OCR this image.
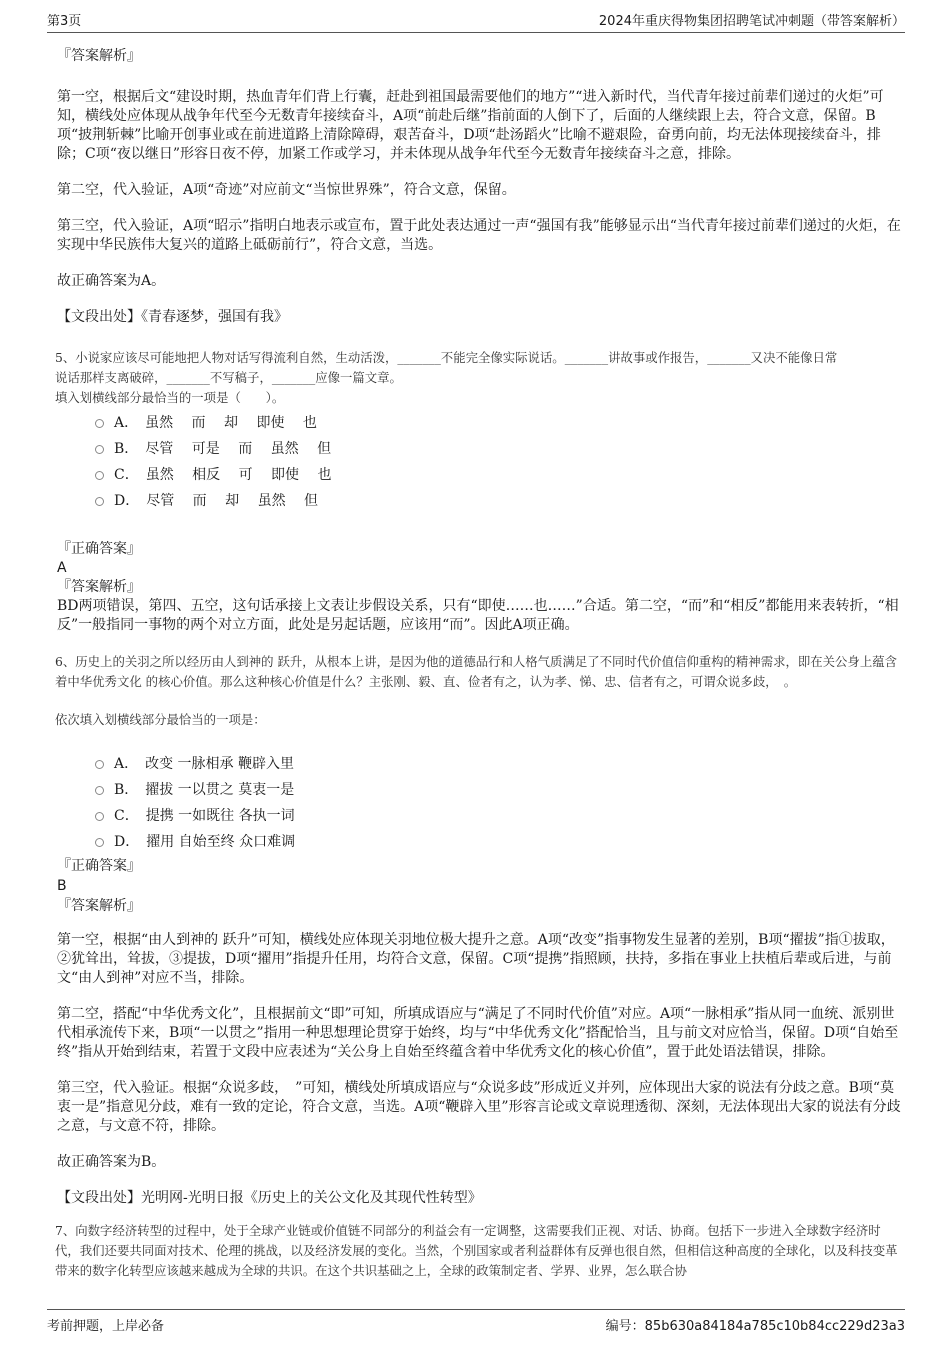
第3页	2024年重庆得物集团招聘笔试冲刺题（带答案解析）

『答案解析』

第一空，根据后文“建设时期，热血青年们背上行囊，赶赴到祖国最需要他们的地方”“进入新时代，当代青年接过前辈们递过的火炬”可知，横线处应体现从战争年代至今无数青年接续奋斗，A项“前赴后继”指前面的人倒下了，后面的人继续跟上去，符合文意，保留。B项“披荆斩棘”比喻开创事业或在前进道路上清除障碍，艰苦奋斗，D项“赴汤蹈火”比喻不避艰险，奋勇向前，均无法体现接续奋斗，排除；C项“夜以继日”形容日夜不停，加紧工作或学习，并未体现从战争年代至今无数青年接续奋斗之意，排除。

第二空，代入验证，A项“奇迹”对应前文“当惊世界殊”，符合文意，保留。

第三空，代入验证，A项“昭示”指明白地表示或宣布，置于此处表达通过一声“强国有我”能够显示出“当代青年接过前辈们递过的火炬，在实现中华民族伟大复兴的道路上砥砺前行”，符合文意，当选。

故正确答案为A。

【文段出处】《青春逐梦，强国有我》

5、小说家应该尽可能地把人物对话写得流利自然，生动活泼，_______不能完全像实际说话。_______讲故事或作报告，_______又决不能像日常

说话那样支离破碎，_______不写稿子，_______应像一篇文章。

填入划横线部分最恰当的一项是（　　）。

A．　虽然　 而　 却　 即使　 也
B．　尽管　 可是　 而　 虽然　 但
C．　虽然　 相反　 可　 即使　 也
D．　尽管　 而　 却　 虽然　 但

『正确答案』

A

『答案解析』

BD两项错误，第四、五空，这句话承接上文表让步假设关系，只有“即使……也……”合适。第二空，“而”和“相反”都能用来表转折，“相反”一般指同一事物的两个对立方面，此处是另起话题，应该用“而”。因此A项正确。

6、历史上的关羽之所以经历由人到神的 跃升，从根本上讲，是因为他的道德品行和人格气质满足了不同时代价值信仰重构的精神需求，即在关公身上蕴含着中华优秀文化 的核心价值。那么这种核心价值是什么？主张刚、毅、直、俭者有之，认为孝、悌、忠、信者有之，可谓众说多歧，　。

依次填入划横线部分最恰当的一项是：

A．　改变 一脉相承 鞭辟入里
B．　擢拔 一以贯之 莫衷一是
C．　提携 一如既往 各执一词
D．　擢用 自始至终 众口难调

『正确答案』

B

『答案解析』

第一空，根据“由人到神的 跃升”可知，横线处应体现关羽地位极大提升之意。A项“改变”指事物发生显著的差别，B项“擢拔”指①拔取，②犹耸出，耸拔，③提拔，D项“擢用”指提升任用，均符合文意，保留。C项“提携”指照顾，扶持，多指在事业上扶植后辈或后进，与前文“由人到神”对应不当，排除。

第二空，搭配“中华优秀文化”，且根据前文“即”可知，所填成语应与“满足了不同时代价值”对应。A项“一脉相承”指从同一血统、派别世代相承流传下来，B项“一以贯之”指用一种思想理论贯穿于始终，均与“中华优秀文化”搭配恰当，且与前文对应恰当，保留。D项“自始至终”指从开始到结束，若置于文段中应表述为“关公身上自始至终蕴含着中华优秀文化的核心价值”，置于此处语法错误，排除。

第三空，代入验证。根据“众说多歧，　”可知，横线处所填成语应与“众说多歧”形成近义并列，应体现出大家的说法有分歧之意。B项“莫衷一是”指意见分歧，难有一致的定论，符合文意，当选。A项“鞭辟入里”形容言论或文章说理透彻、深刻，无法体现出大家的说法有分歧之意，与文意不符，排除。

故正确答案为B。

【文段出处】光明网-光明日报《历史上的关公文化及其现代性转型》

7、向数字经济转型的过程中，处于全球产业链或价值链不同部分的利益会有一定调整，这需要我们正视、对话、协商。包括下一步进入全球数字经济时代，我们还要共同面对技术、伦理的挑战，以及经济发展的变化。当然，个别国家或者利益群体有反弹也很自然，但相信这种高度的全球化，以及科技变革带来的数字化转型应该越来越成为全球的共识。在这个共识基础之上，全球的政策制定者、学界、业界，怎么联合协

考前押题，上岸必备	编号：85b630a84184a785c10b84cc229d23a3
